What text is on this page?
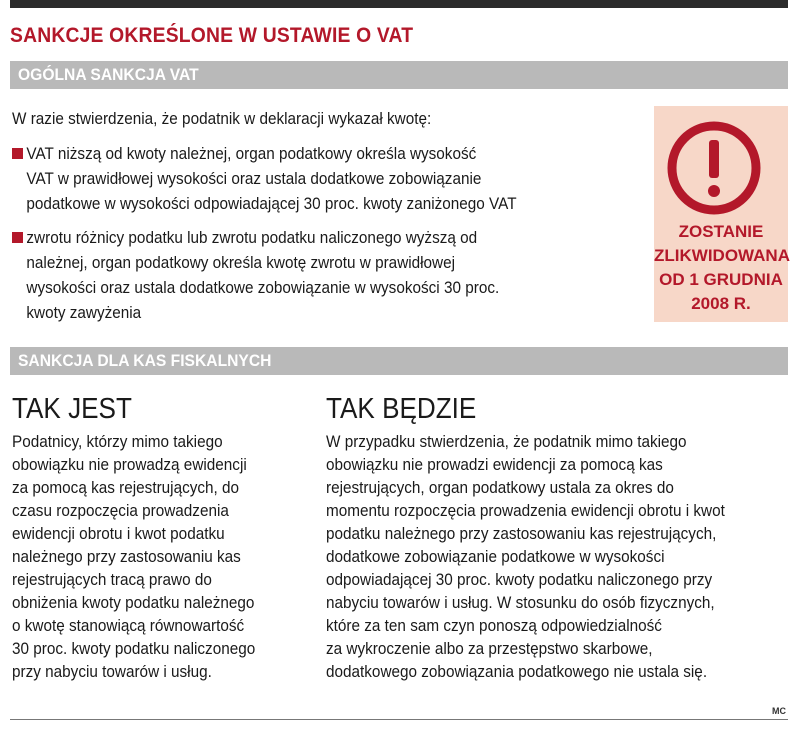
SANKCJE OKREŚLONE W USTAWIE O VAT
OGÓLNA SANKCJA VAT
W razie stwierdzenia, że podatnik w deklaracji wykazał kwotę:
VAT niższą od kwoty należnej, organ podatkowy określa wysokość
VAT w prawidłowej wysokości oraz ustala dodatkowe zobowiązanie
podatkowe w wysokości odpowiadającej 30 proc. kwoty zaniżonego VAT
zwrotu różnicy podatku lub zwrotu podatku naliczonego wyższą od
należnej, organ podatkowy określa kwotę zwrotu w prawidłowej
wysokości oraz ustala dodatkowe zobowiązanie w wysokości 30 proc.
kwoty zawyżenia
ZOSTANIE
ZLIKWIDOWANA
OD 1 GRUDNIA
2008 R.
SANKCJA DLA KAS FISKALNYCH
TAK JEST	TAK BĘDZIE
Podatnicy, którzy mimo takiego
obowiązku nie prowadzą ewidencji
za pomocą kas rejestrujących, do
czasu rozpoczęcia prowadzenia
ewidencji obrotu i kwot podatku
należnego przy zastosowaniu kas
rejestrujących tracą prawo do
obniżenia kwoty podatku należnego
o kwotę stanowiącą równowartość
30 proc. kwoty podatku naliczonego
przy nabyciu towarów i usług.
W przypadku stwierdzenia, że podatnik mimo takiego
obowiązku nie prowadzi ewidencji za pomocą kas
rejestrujących, organ podatkowy ustala za okres do
momentu rozpoczęcia prowadzenia ewidencji obrotu i kwot
podatku należnego przy zastosowaniu kas rejestrujących,
dodatkowe zobowiązanie podatkowe w wysokości
odpowiadającej 30 proc. kwoty podatku naliczonego przy
nabyciu towarów i usług. W stosunku do osób fizycznych,
które za ten sam czyn ponoszą odpowiedzialność
za wykroczenie albo za przestępstwo skarbowe,
dodatkowego zobowiązania podatkowego nie ustala się.
MC
